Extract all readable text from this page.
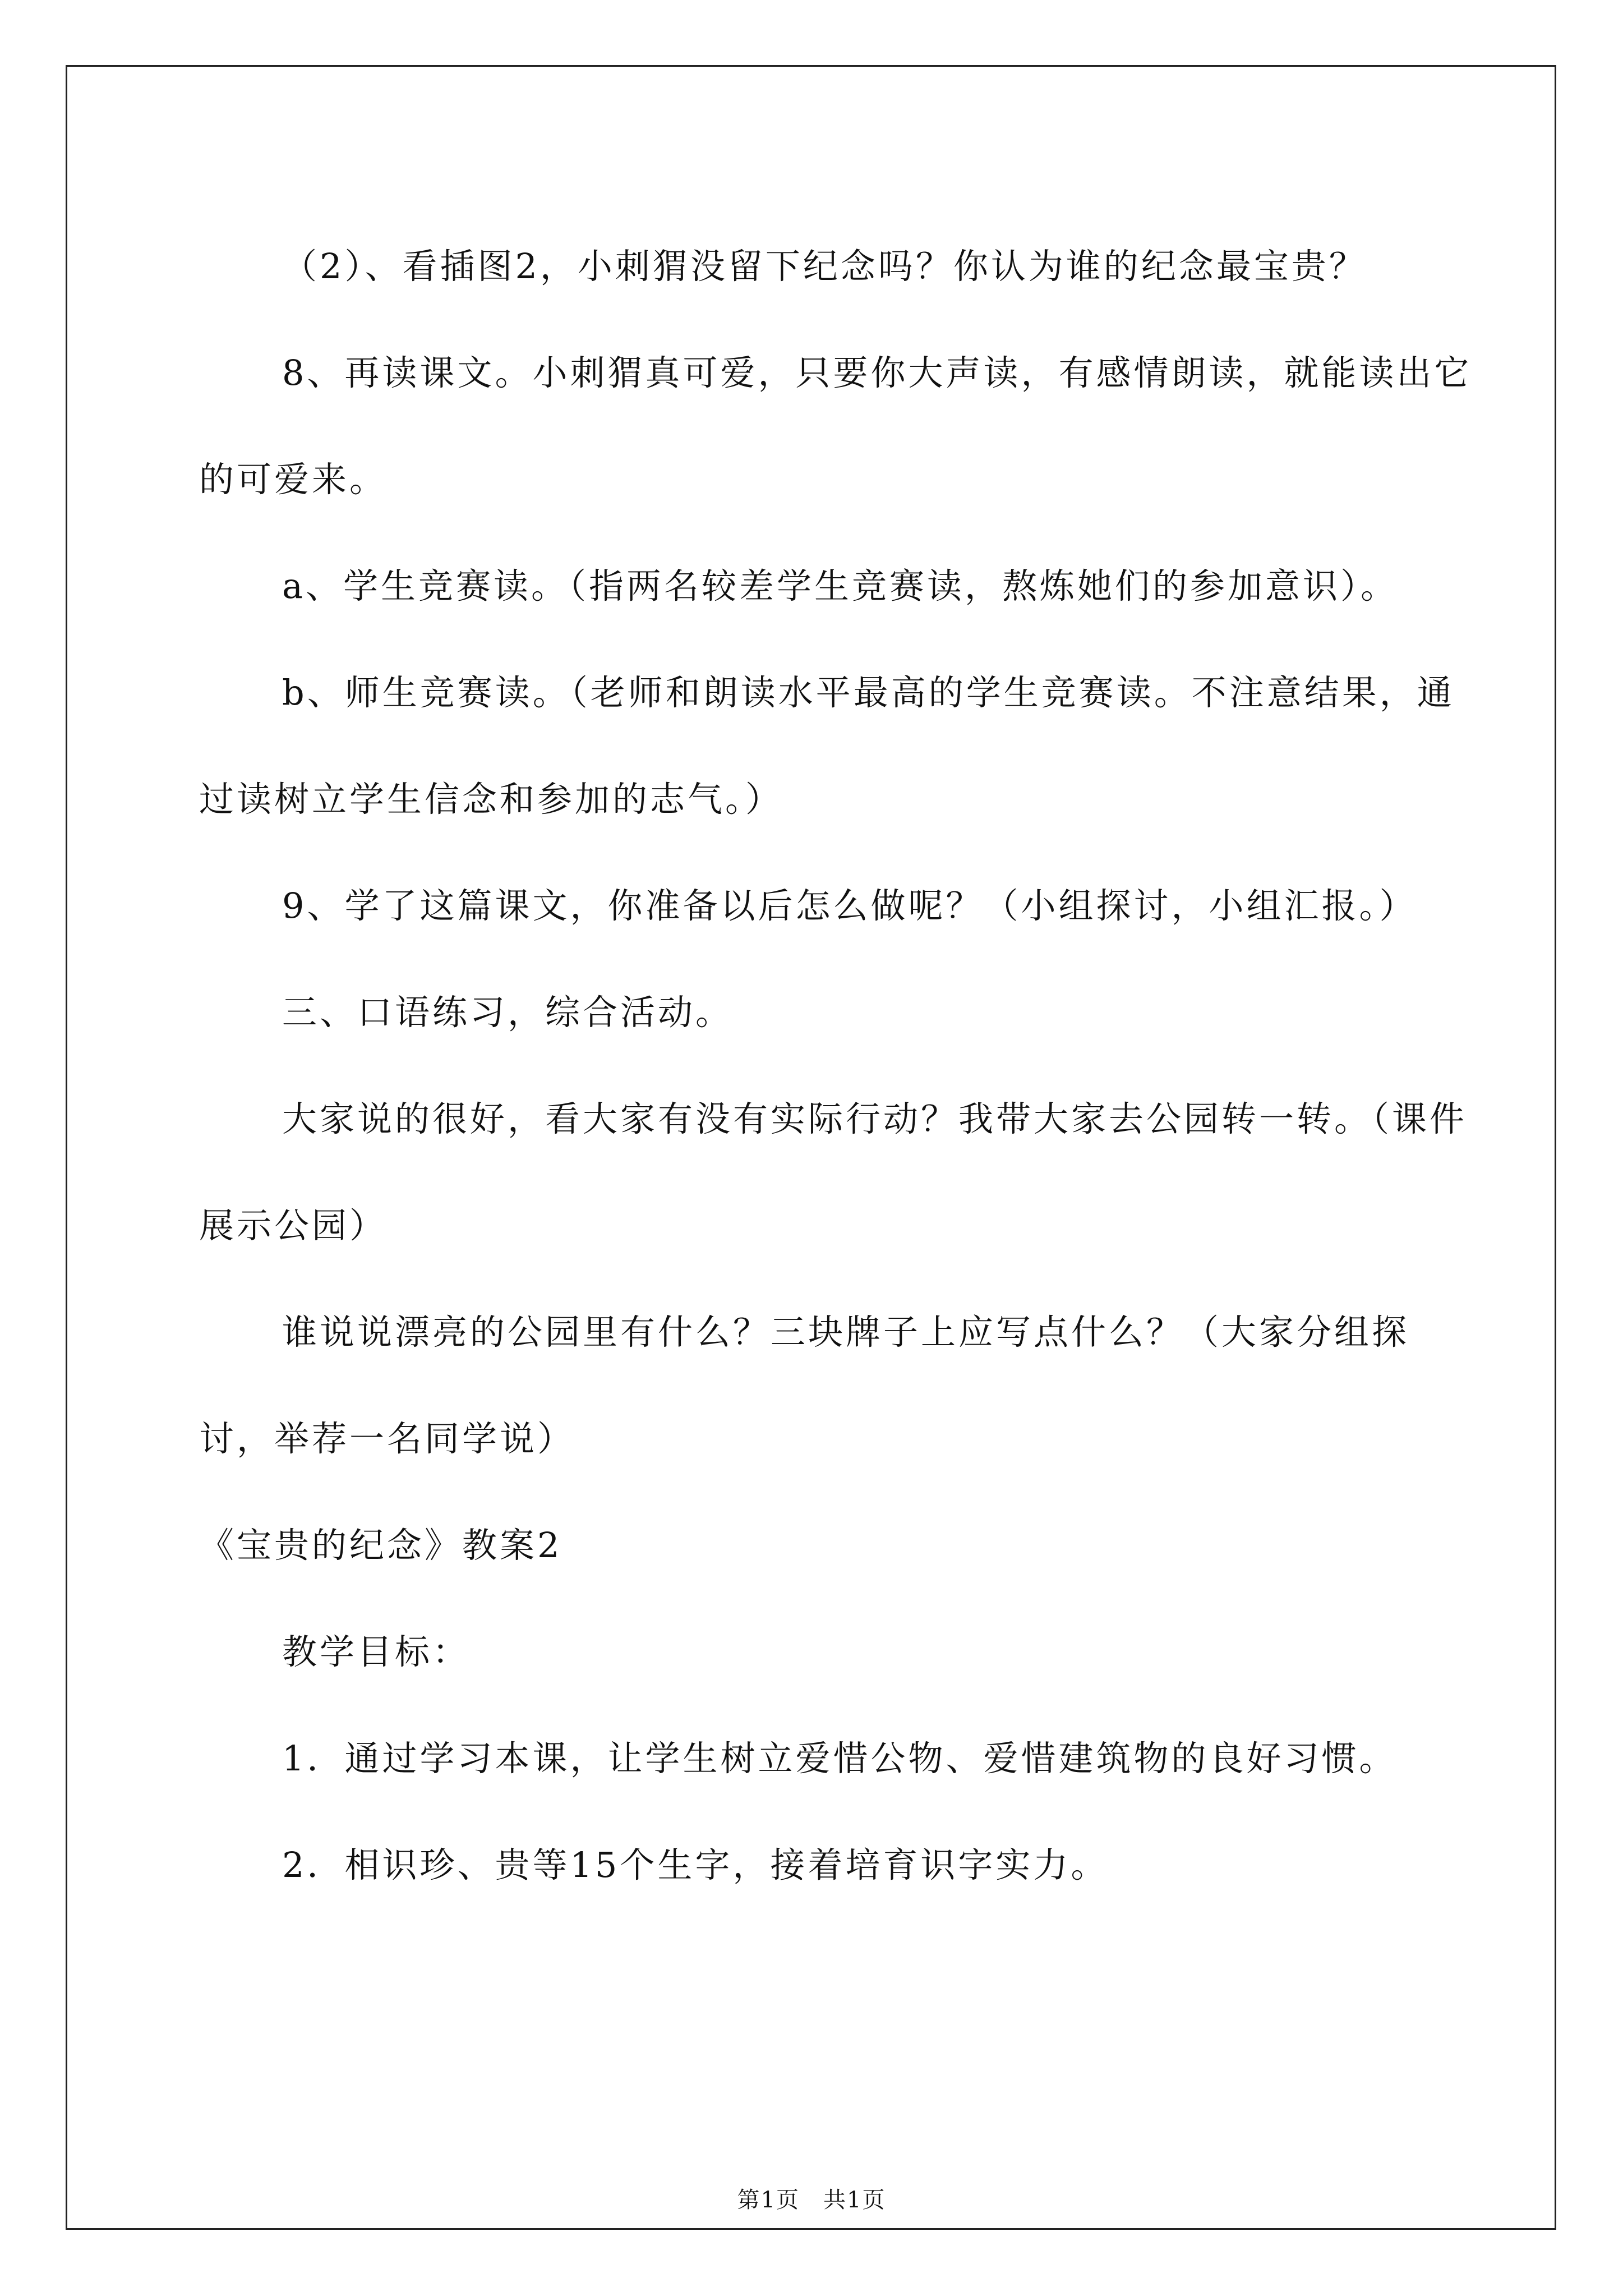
（2）、看插图2，小刺猬没留下纪念吗？你认为谁的纪念最宝贵？

8、再读课文。小刺猬真可爱，只要你大声读，有感情朗读，就能读出它的可爱来。

a、学生竞赛读。（指两名较差学生竞赛读，熬炼她们的参加意识）。

b、师生竞赛读。（老师和朗读水平最高的学生竞赛读。不注意结果，通过读树立学生信念和参加的志气。）

9、学了这篇课文，你准备以后怎么做呢？（小组探讨，小组汇报。）

三、口语练习，综合活动。

大家说的很好，看大家有没有实际行动？我带大家去公园转一转。（课件展示公园）

谁说说漂亮的公园里有什么？三块牌子上应写点什么？（大家分组探讨，举荐一名同学说）

《宝贵的纪念》教案2

教学目标：

1．通过学习本课，让学生树立爱惜公物、爱惜建筑物的良好习惯。

2．相识珍、贵等15个生字，接着培育识字实力。

第1页 共1页
